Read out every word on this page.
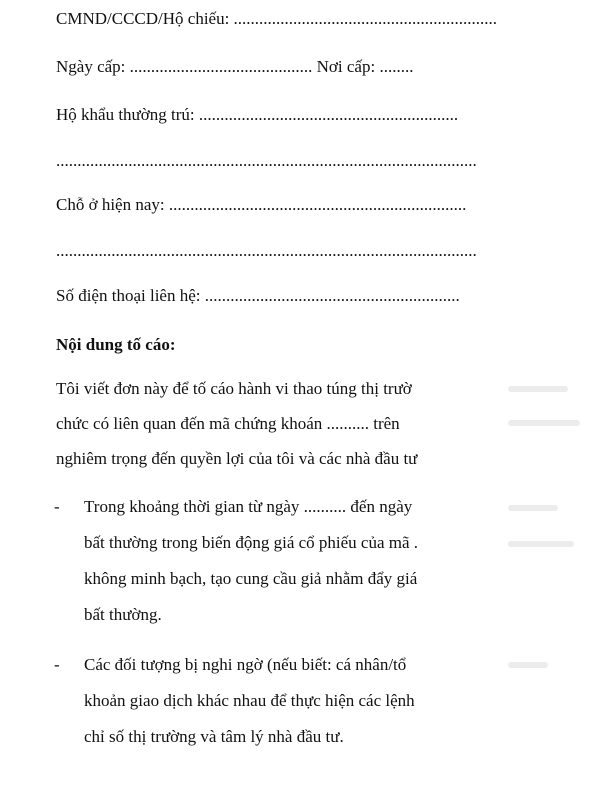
CMND/CCCD/Hộ chiếu: ..............................................................
Ngày cấp: ........................................... Nơi cấp: ........
Hộ khẩu thường trú: .............................................................
...................................................................................................
Chỗ ở hiện nay: ......................................................................
...................................................................................................
Số điện thoại liên hệ: ............................................................
Nội dung tố cáo:
Tôi viết đơn này để tố cáo hành vi thao túng thị trườ
chức có liên quan đến mã chứng khoán .......... trên
nghiêm trọng đến quyền lợi của tôi và các nhà đầu tư
- Trong khoảng thời gian từ ngày .......... đến ngày
bất thường trong biến động giá cổ phiếu của mã .
không minh bạch, tạo cung cầu giả nhằm đẩy giá
bất thường.
- Các đối tượng bị nghi ngờ (nếu biết: cá nhân/tổ
khoản giao dịch khác nhau để thực hiện các lệnh
chỉ số thị trường và tâm lý nhà đầu tư.
